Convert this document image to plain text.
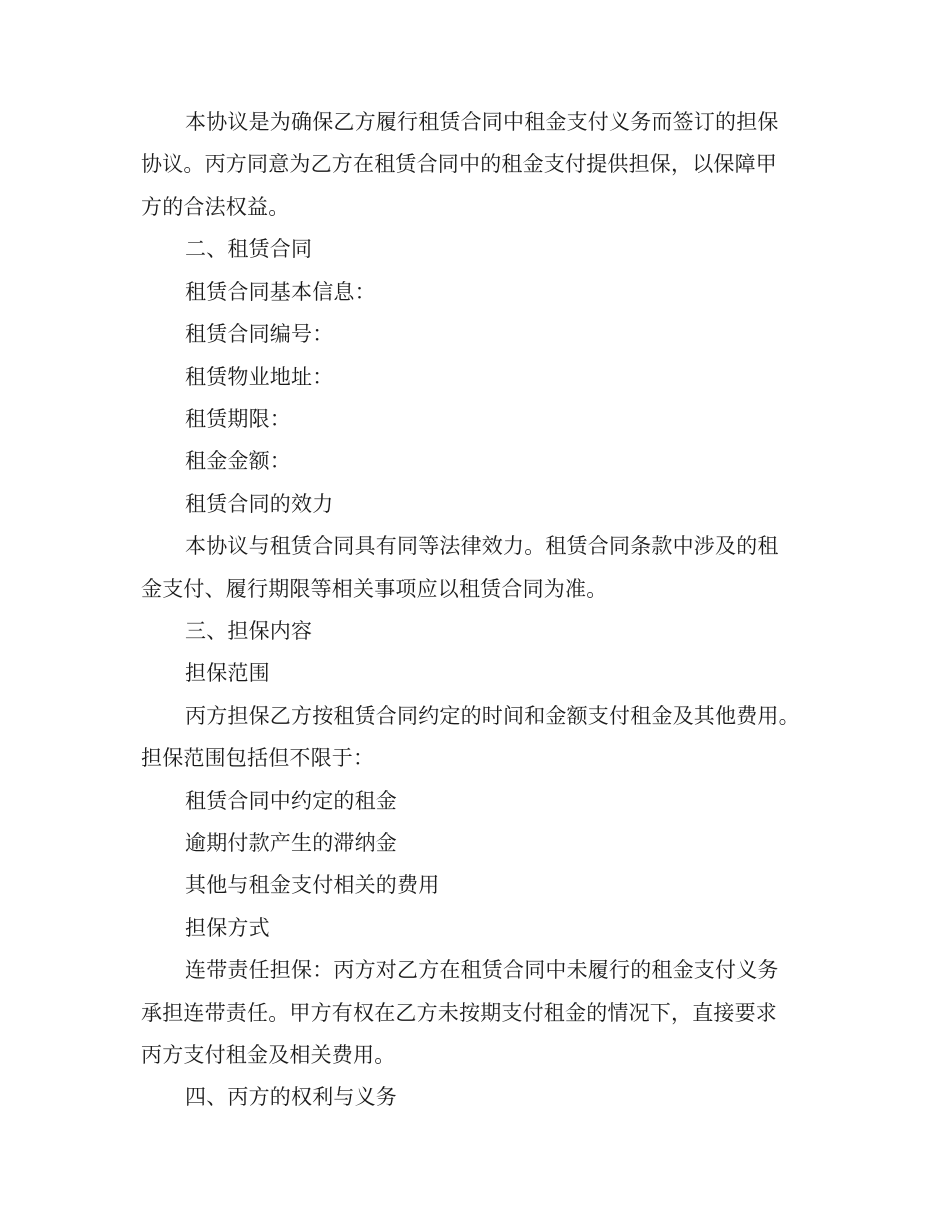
本协议是为确保乙方履行租赁合同中租金支付义务而签订的担保
协议。丙方同意为乙方在租赁合同中的租金支付提供担保，以保障甲
方的合法权益。
二、租赁合同
租赁合同基本信息：
租赁合同编号：
租赁物业地址：
租赁期限：
租金金额：
租赁合同的效力
本协议与租赁合同具有同等法律效力。租赁合同条款中涉及的租
金支付、履行期限等相关事项应以租赁合同为准。
三、担保内容
担保范围
丙方担保乙方按租赁合同约定的时间和金额支付租金及其他费用。
担保范围包括但不限于：
租赁合同中约定的租金
逾期付款产生的滞纳金
其他与租金支付相关的费用
担保方式
连带责任担保：丙方对乙方在租赁合同中未履行的租金支付义务
承担连带责任。甲方有权在乙方未按期支付租金的情况下，直接要求
丙方支付租金及相关费用。
四、丙方的权利与义务
